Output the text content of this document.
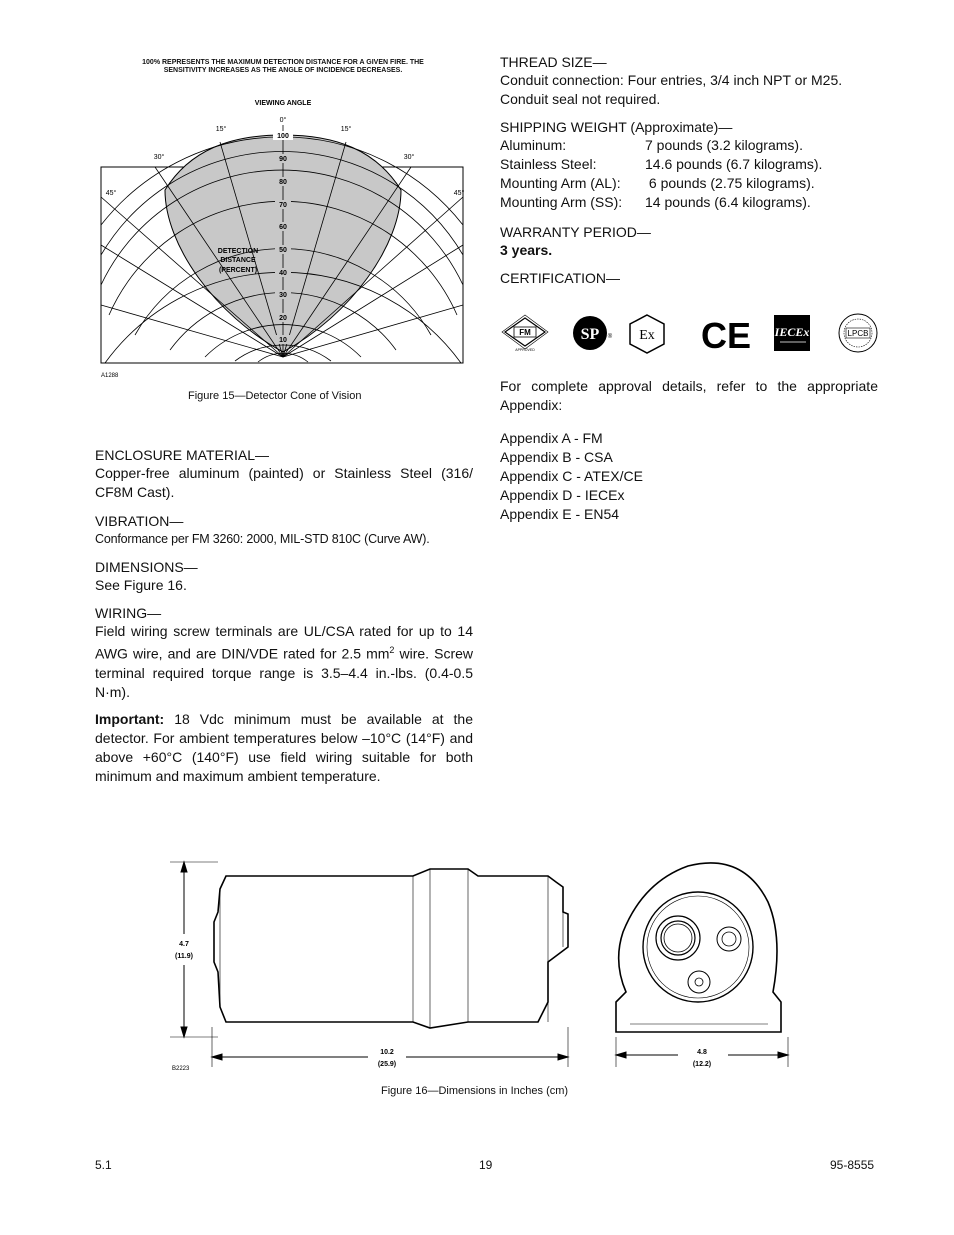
100% REPRESENTS THE MAXIMUM DETECTION DISTANCE FOR A GIVEN FIRE. THE SENSITIVITY INCREASES AS THE ANGLE OF INCIDENCE DECREASES.
VIEWING ANGLE
100
90
80
70
60
50
40
30
20
10
0°
15°	15°
30°	30°
45°	45°
DETECTION
DISTANCE
(PERCENT)
A1288
Figure 15—Detector Cone of Vision

ENCLOSURE MATERIAL—

Copper-free aluminum (painted) or Stainless Steel (316/ CF8M Cast).

VIBRATION—

Conformance per FM 3260: 2000, MIL-STD 810C (Curve AW).

DIMENSIONS—

See Figure 16.

WIRING—

Field wiring screw terminals are UL/CSA rated for up to 14 AWG wire, and are DIN/VDE rated for 2.5 $mm^2$ wire. Screw terminal required torque range is 3.5–4.4 in.-lbs. (0.4-0.5 N·m).

Important: 18 Vdc minimum must be available at the detector. For ambient temperatures below –10°C (14°F) and above +60°C (140°F) use field wiring suitable for both minimum and maximum ambient temperature.

THREAD SIZE—

Conduit connection: Four entries, 3/4 inch NPT or M25. Conduit seal not required.

SHIPPING WEIGHT (Approximate)—

Aluminum:	7 pounds (3.2 kilograms).
Stainless Steel:	14.6 pounds (6.7 kilograms).
Mounting Arm (AL):	6 pounds (2.75 kilograms).
Mounting Arm (SS):	14 pounds (6.4 kilograms).

WARRANTY PERIOD—

3 years.

CERTIFICATION—

FM
APPROVED
SP ® Ex CE IECEx	LPCB

For complete approval details, refer to the appropriate Appendix:

Appendix A - FM

Appendix B - CSA

Appendix C - ATEX/CE

Appendix D - IECEx

Appendix E - EN54

4.7
(11.9)
10.2
(25.9)
4.8
(12.2)
B2223
Figure 16—Dimensions in Inches (cm)
5.1	19	95-8555
